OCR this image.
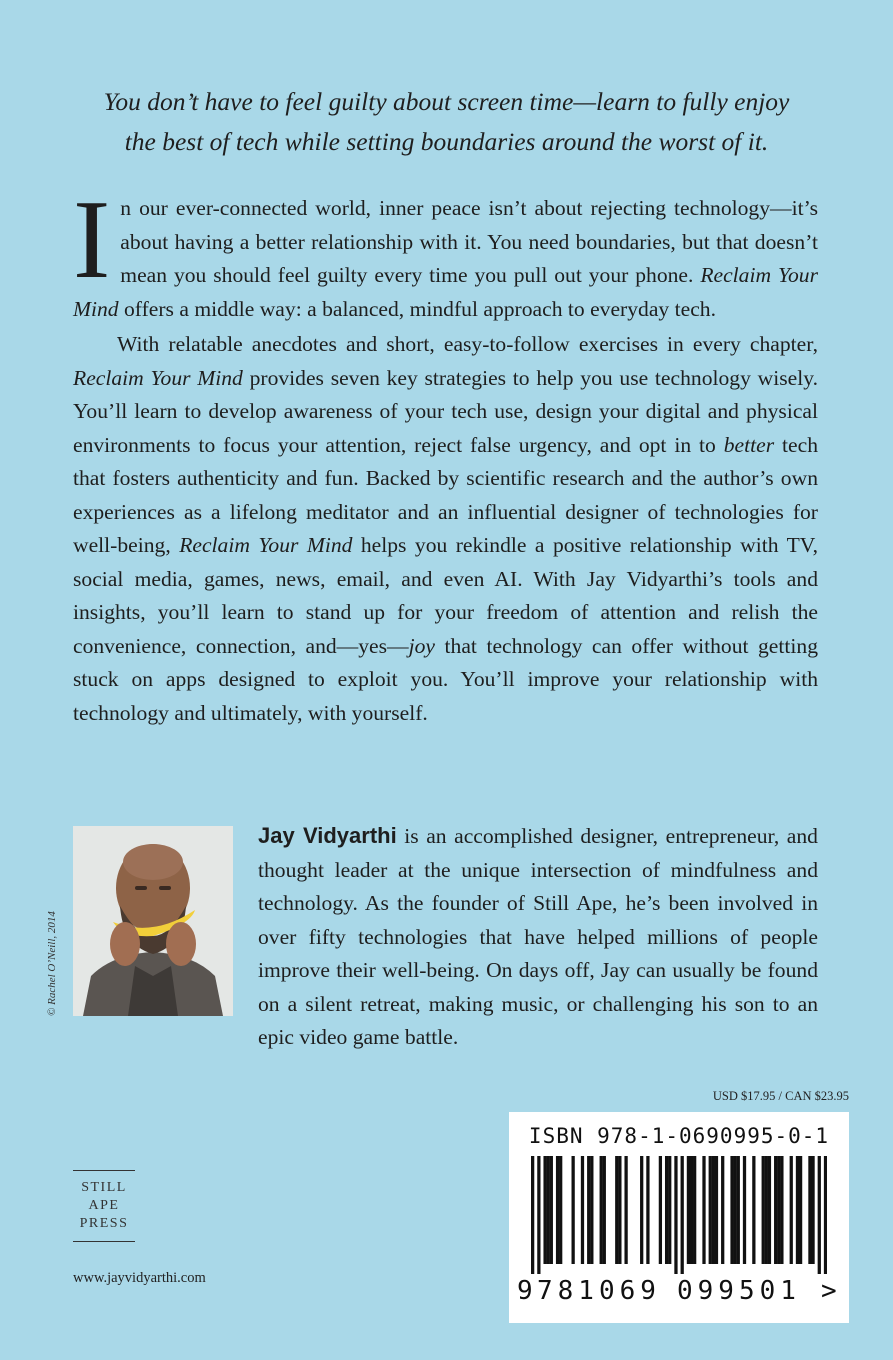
You don’t have to feel guilty about screen time—learn to fully enjoy
the best of tech while setting boundaries around the worst of it.

In our ever-connected world, inner peace isn’t about rejecting technology—it’s about having a better relationship with it. You need boundaries, but that doesn’t mean you should feel guilty every time you pull out your phone. Reclaim Your Mind offers a middle way: a balanced, mindful approach to everyday tech.

With relatable anecdotes and short, easy-to-follow exercises in every chapter, Reclaim Your Mind provides seven key strategies to help you use technology wisely. You’ll learn to develop awareness of your tech use, design your digital and physical environments to focus your attention, reject false urgency, and opt in to better tech that fosters authenticity and fun. Backed by scientific research and the author’s own experiences as a lifelong meditator and an influential designer of technologies for well-being, Reclaim Your Mind helps you rekindle a positive relationship with TV, social media, games, news, email, and even AI. With Jay Vidyarthi’s tools and insights, you’ll learn to stand up for your freedom of attention and relish the convenience, connection, and—yes—joy that technology can offer without getting stuck on apps designed to exploit you. You’ll improve your relationship with technology and ultimately, with yourself.

© Rachel O’Neill, 2014
Jay Vidyarthi is an accomplished designer, entrepreneur, and thought leader at the unique intersection of mindfulness and technology. As the founder of Still Ape, he’s been involved in over fifty technologies that have helped millions of people improve their well-being. On days off, Jay can usually be found on a silent retreat, making music, or challenging his son to an epic video game battle.
USD $17.95 / CAN $23.95
ISBN 978-1-0690995-0-1
9 781069 099501 >
STILL
APE
PRESS
www.jayvidyarthi.com
